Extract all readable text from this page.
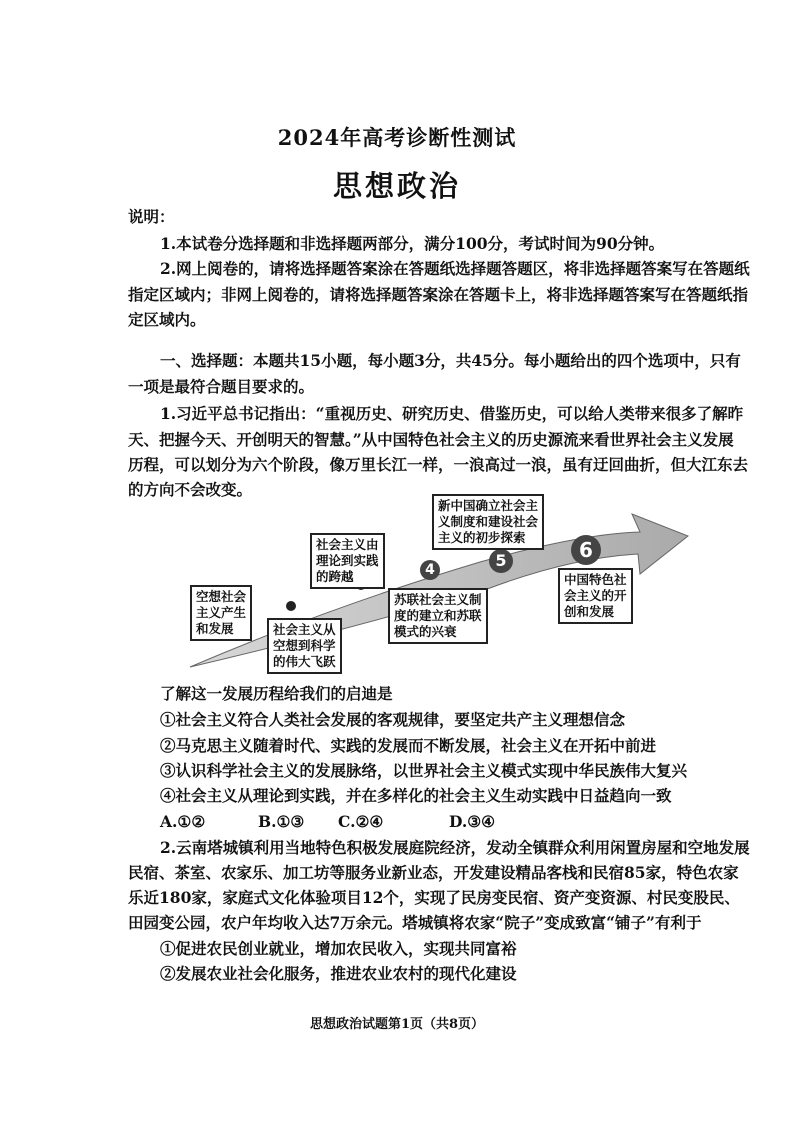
2024年高考诊断性测试
思想政治
说明：
1.本试卷分选择题和非选择题两部分，满分100分，考试时间为90分钟。
2.网上阅卷的，请将选择题答案涂在答题纸选择题答题区，将非选择题答案写在答题纸
指定区域内；非网上阅卷的，请将选择题答案涂在答题卡上，将非选择题答案写在答题纸指
定区域内。
一、选择题：本题共15小题，每小题3分，共45分。每小题给出的四个选项中，只有
一项是最符合题目要求的。
1.习近平总书记指出：“重视历史、研究历史、借鉴历史，可以给人类带来很多了解昨
天、把握今天、开创明天的智慧。”从中国特色社会主义的历史源流来看世界社会主义发展
历程，可以划分为六个阶段，像万里长江一样，一浪高过一浪，虽有迂回曲折，但大江东去
的方向不会改变。
4	5	6
空想社会
主义产生
和发展	社会主义从
空想到科学
的伟大飞跃
社会主义由
理论到实践
的跨越
苏联社会主义制
度的建立和苏联
模式的兴衰
新中国确立社会主
义制度和建设社会
主义的初步探索
中国特色社
会主义的开
创和发展
了解这一发展历程给我们的启迪是
①社会主义符合人类社会发展的客观规律，要坚定共产主义理想信念
②马克思主义随着时代、实践的发展而不断发展，社会主义在开拓中前进
③认识科学社会主义的发展脉络，以世界社会主义模式实现中华民族伟大复兴
④社会主义从理论到实践，并在多样化的社会主义生动实践中日益趋向一致
A.①②	B.①③ C.②④	D.③④
2.云南塔城镇利用当地特色积极发展庭院经济，发动全镇群众利用闲置房屋和空地发展
民宿、茶室、农家乐、加工坊等服务业新业态，开发建设精品客栈和民宿85家，特色农家
乐近180家，家庭式文化体验项目12个，实现了民房变民宿、资产变资源、村民变股民、
田园变公园，农户年均收入达7万余元。塔城镇将农家“院子”变成致富“铺子”有利于
①促进农民创业就业，增加农民收入，实现共同富裕
②发展农业社会化服务，推进农业农村的现代化建设
思想政治试题第1页（共8页）
